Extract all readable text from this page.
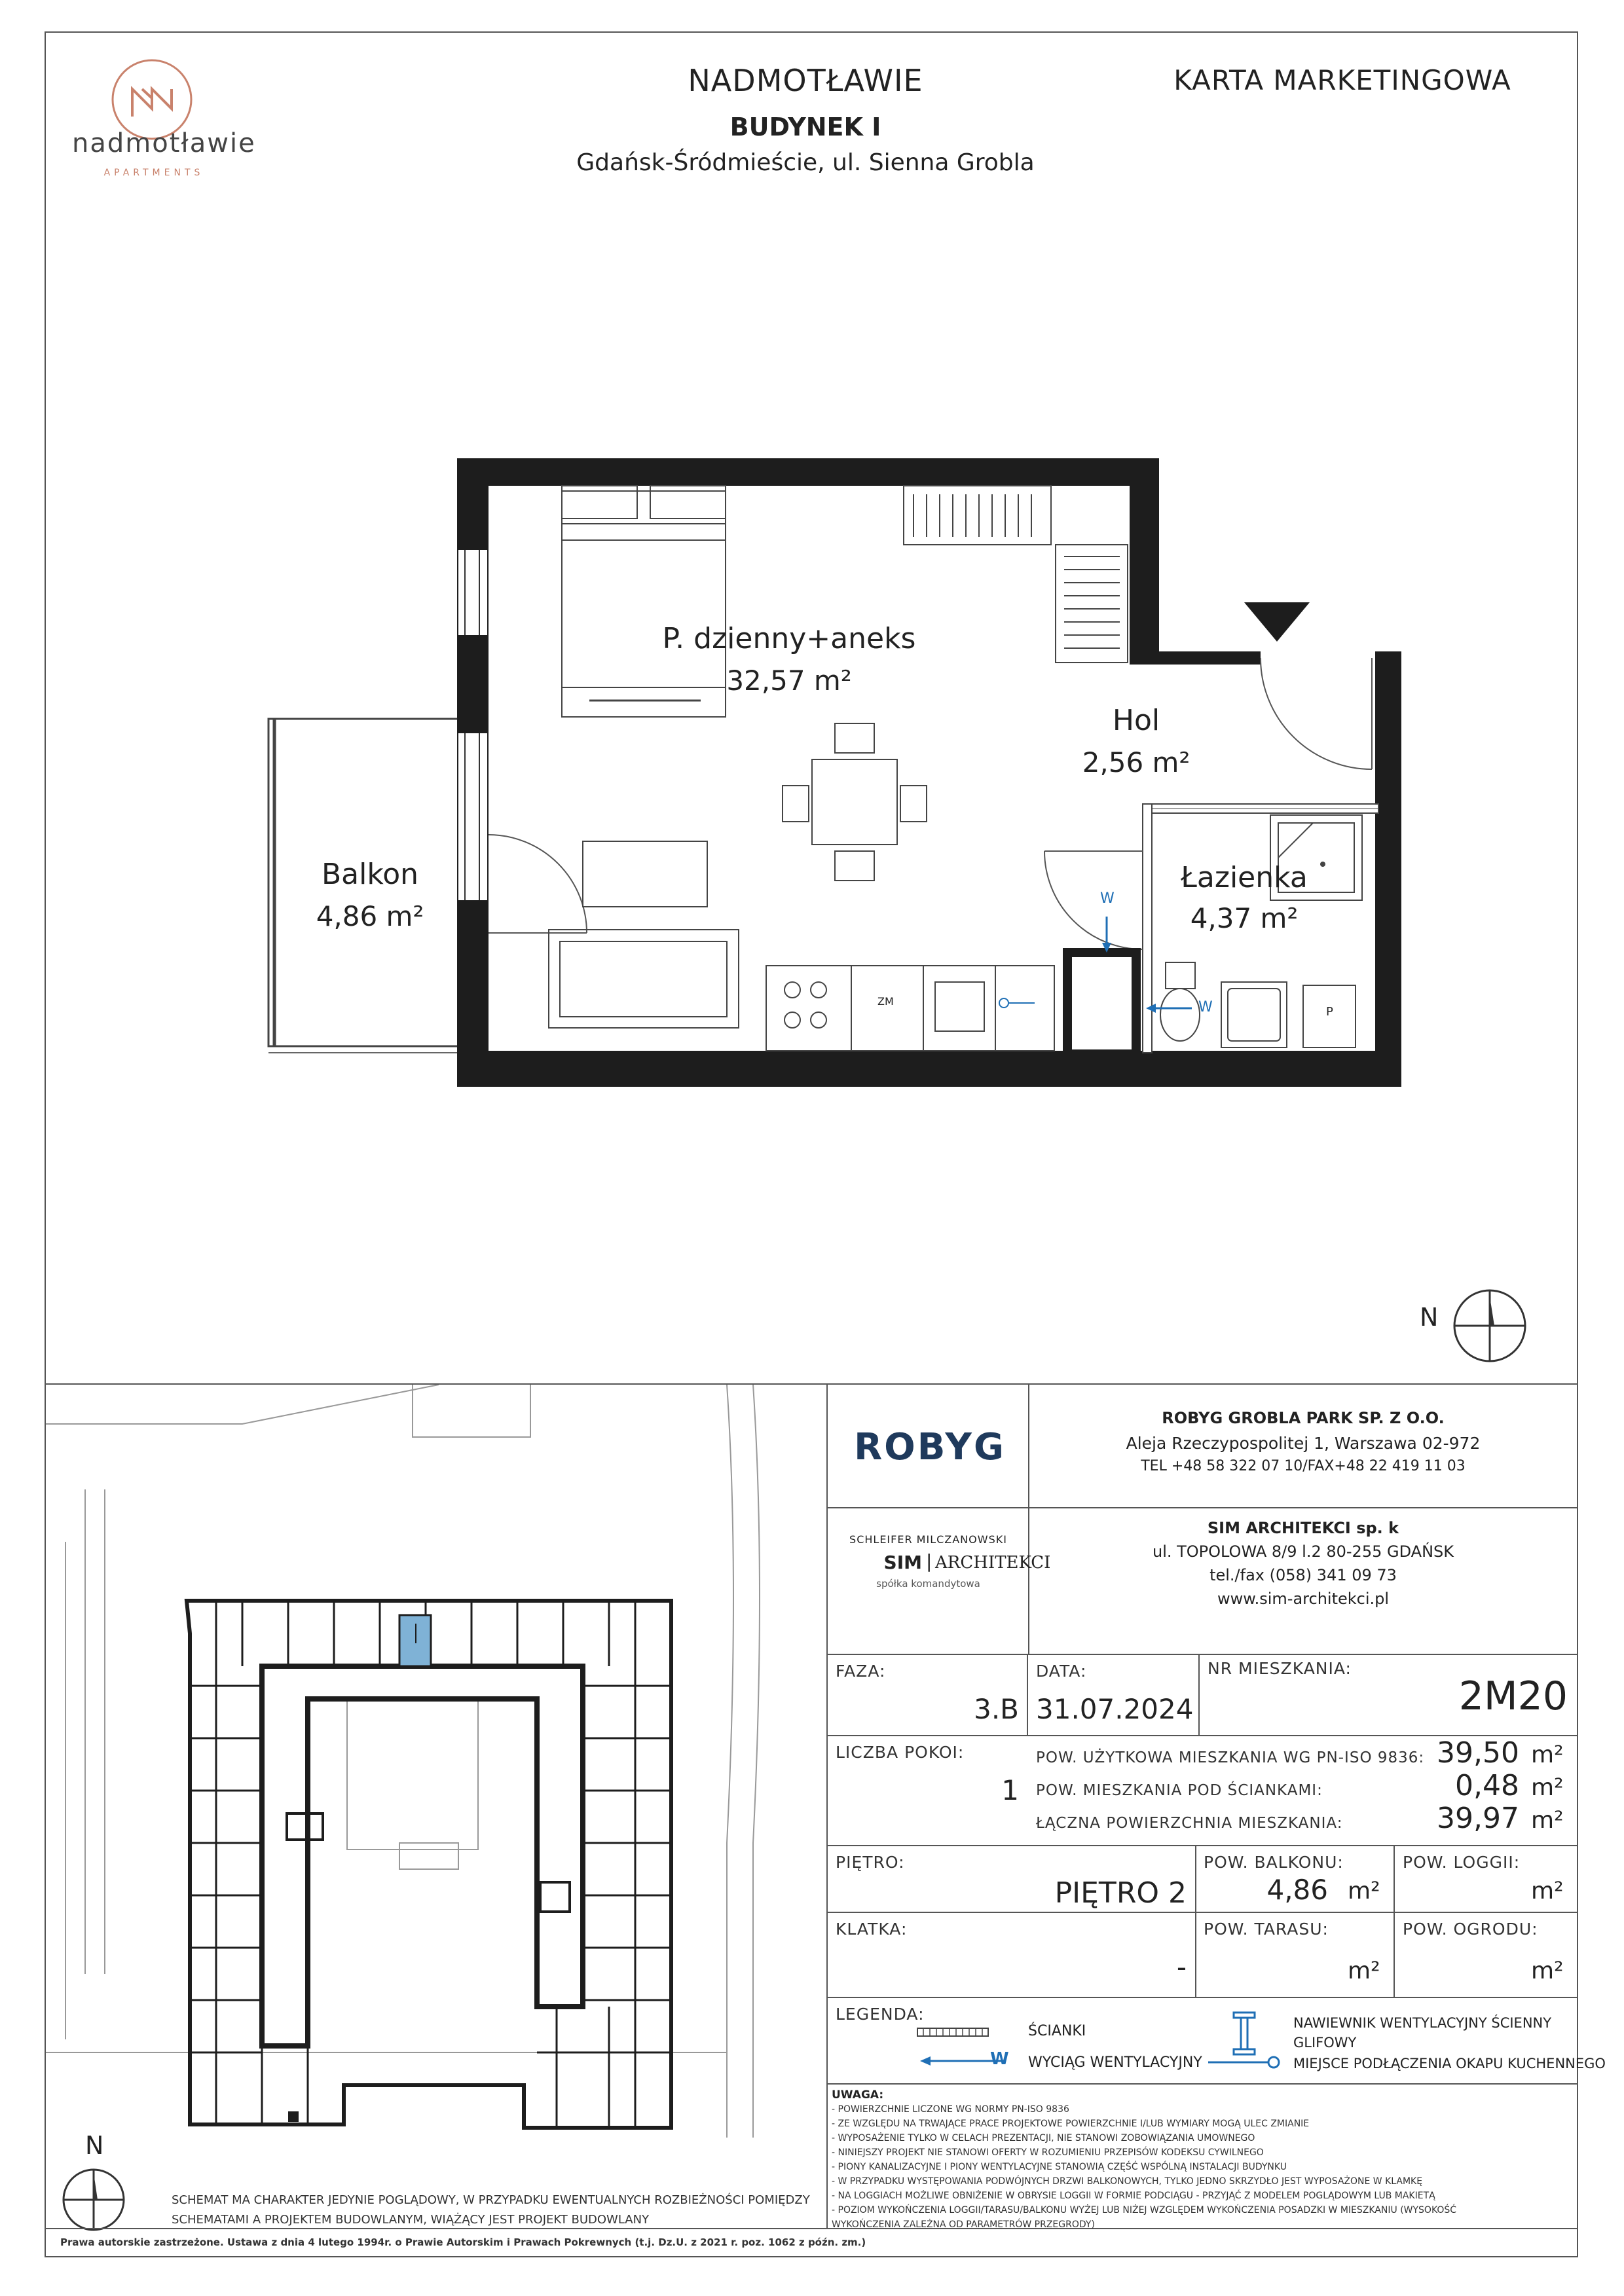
nadmotławie
APARTMENTS
NADMOTŁAWIE
BUDYNEK I
Gdańsk-Śródmieście, ul. Sienna Grobla
KARTA MARKETINGOWA
P. dzienny+aneks
32,57 m²
Hol
2,56 m²
Łazienka
4,37 m²
Balkon
4,86 m²
ZM
W
W	P
N
N
SCHEMAT MA CHARAKTER JEDYNIE POGLĄDOWY, W PRZYPADKU EWENTUALNYCH ROZBIEŻNOŚCI POMIĘDZY
SCHEMATAMI A PROJEKTEM BUDOWLANYM, WIĄŻĄCY JEST PROJEKT BUDOWLANY
Prawa autorskie zastrzeżone. Ustawa z dnia 4 lutego 1994r. o Prawie Autorskim i Prawach Pokrewnych (t.j. Dz.U. z 2021 r. poz. 1062 z późn. zm.)
ROBYG
ROBYG GROBLA PARK SP. Z O.O.
Aleja Rzeczypospolitej 1, Warszawa 02-972
TEL +48 58 322 07 10/FAX+48 22 419 11 03
SCHLEIFER MILCZANOWSKI
SIM | ARCHITEKCI
spółka komandytowa
SIM ARCHITEKCI sp. k
ul. TOPOLOWA 8/9 l.2 80-255 GDAŃSK
tel./fax (058) 341 09 73
www.sim-architekci.pl
FAZA:
3.B
DATA:
31.07.2024
NR MIESZKANIA:
2M20
LICZBA POKOI:
1
POW. UŻYTKOWA MIESZKANIA WG PN-ISO 9836: 39,50 m²
POW. MIESZKANIA POD ŚCIANKAMI:	0,48 m²
ŁĄCZNA POWIERZCHNIA MIESZKANIA:	39,97 m²
PIĘTRO:
PIĘTRO 2
POW. BALKONU:
4,86 m²
POW. LOGGII:
m²
KLATKA:
-
POW. TARASU:
m²
POW. OGRODU:
m²
LEGENDA:
ŚCIANKI
W WYCIĄG WENTYLACYJNY
NAWIEWNIK WENTYLACYJNY ŚCIENNY
GLIFOWY
MIEJSCE PODŁĄCZENIA OKAPU KUCHENNEGO
UWAGA:
- POWIERZCHNIE LICZONE WG NORMY PN-ISO 9836
- ZE WZGLĘDU NA TRWAJĄCE PRACE PROJEKTOWE POWIERZCHNIE I/LUB WYMIARY MOGĄ ULEC ZMIANIE
- WYPOSAŻENIE TYLKO W CELACH PREZENTACJI, NIE STANOWI ZOBOWIĄZANIA UMOWNEGO
- NINIEJSZY PROJEKT NIE STANOWI OFERTY W ROZUMIENIU PRZEPISÓW KODEKSU CYWILNEGO
- PIONY KANALIZACYJNE I PIONY WENTYLACYJNE STANOWIĄ CZĘŚĆ WSPÓLNĄ INSTALACJI BUDYNKU
- W PRZYPADKU WYSTĘPOWANIA PODWÓJNYCH DRZWI BALKONOWYCH, TYLKO JEDNO SKRZYDŁO JEST WYPOSAŻONE W KLAMKĘ
- NA LOGGIACH MOŻLIWE OBNIŻENIE W OBRYSIE LOGGII W FORMIE PODCIĄGU - PRZYJĄĆ Z MODELEM POGLĄDOWYM LUB MAKIETĄ
- POZIOM WYKOŃCZENIA LOGGII/TARASU/BALKONU WYŻEJ LUB NIŻEJ WZGLĘDEM WYKOŃCZENIA POSADZKI W MIESZKANIU (WYSOKOŚĆ
WYKOŃCZENIA ZALEŻNA OD PARAMETRÓW PRZEGRODY)
